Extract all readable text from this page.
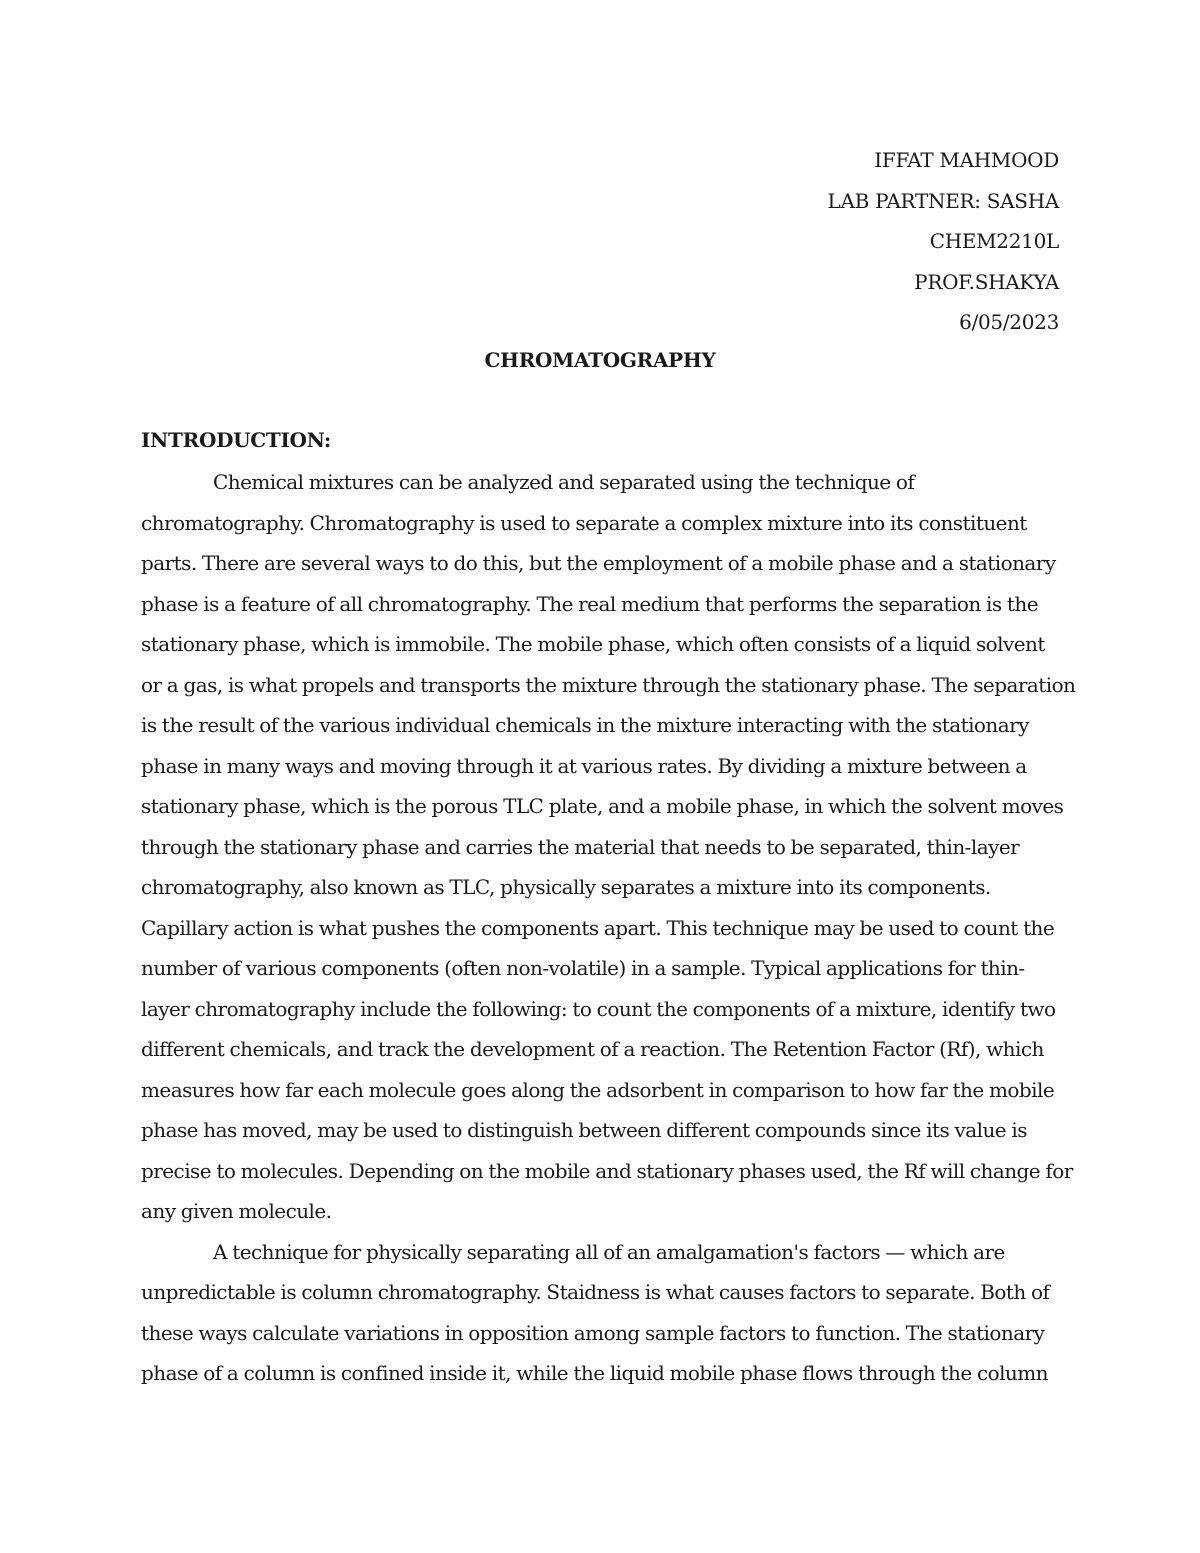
IFFAT MAHMOOD
LAB PARTNER: SASHA
CHEM2210L
PROF.SHAKYA
6/05/2023
CHROMATOGRAPHY
INTRODUCTION:
Chemical mixtures can be analyzed and separated using the technique of
chromatography. Chromatography is used to separate a complex mixture into its constituent
parts. There are several ways to do this, but the employment of a mobile phase and a stationary
phase is a feature of all chromatography. The real medium that performs the separation is the
stationary phase, which is immobile. The mobile phase, which often consists of a liquid solvent
or a gas, is what propels and transports the mixture through the stationary phase. The separation
is the result of the various individual chemicals in the mixture interacting with the stationary
phase in many ways and moving through it at various rates. By dividing a mixture between a
stationary phase, which is the porous TLC plate, and a mobile phase, in which the solvent moves
through the stationary phase and carries the material that needs to be separated, thin-layer
chromatography, also known as TLC, physically separates a mixture into its components.
Capillary action is what pushes the components apart. This technique may be used to count the
number of various components (often non-volatile) in a sample. Typical applications for thin-
layer chromatography include the following: to count the components of a mixture, identify two
different chemicals, and track the development of a reaction. The Retention Factor (Rf), which
measures how far each molecule goes along the adsorbent in comparison to how far the mobile
phase has moved, may be used to distinguish between different compounds since its value is
precise to molecules. Depending on the mobile and stationary phases used, the Rf will change for
any given molecule.
A technique for physically separating all of an amalgamation's factors — which are
unpredictable is column chromatography. Staidness is what causes factors to separate. Both of
these ways calculate variations in opposition among sample factors to function. The stationary
phase of a column is confined inside it, while the liquid mobile phase flows through the column
